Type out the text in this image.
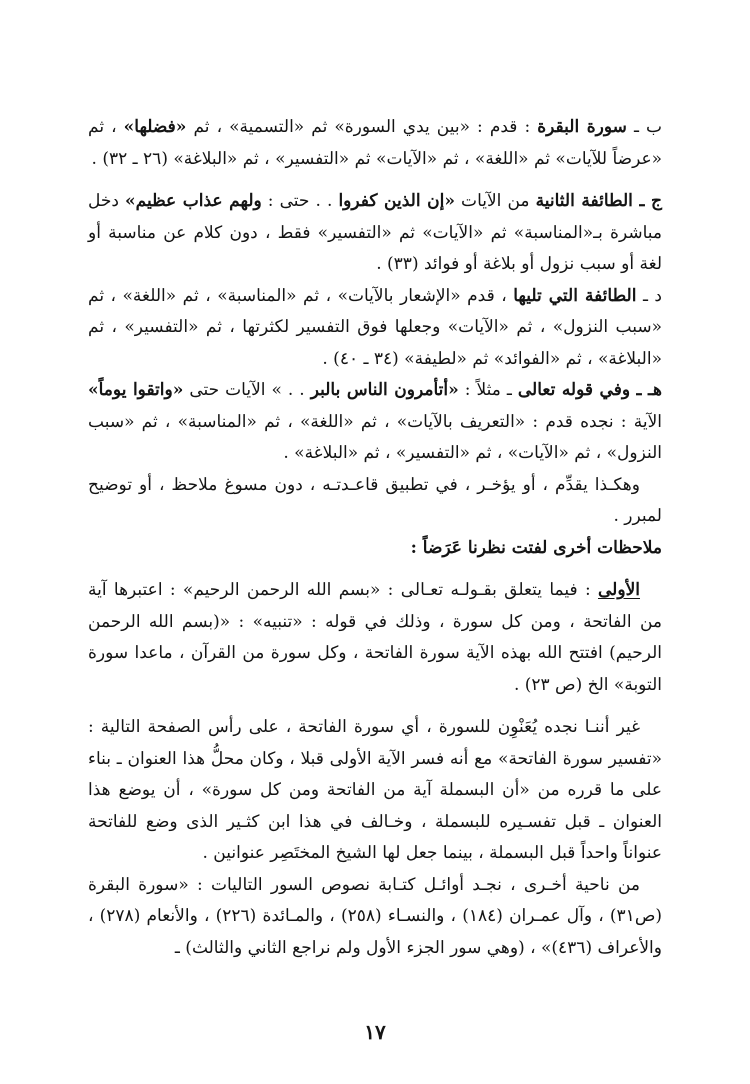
ب ـ سورة البقرة : قدم : «بين يدي السورة» ثم «التسمية» ، ثم «فضلها» ، ثم «عرضاً للآيات» ثم «اللغة» ، ثم «الآيات» ثم «التفسير» ، ثم «البلاغة» (٢٦ ـ ٣٢) .

ج ـ الطائفة الثانية من الآيات «إن الذين كفروا . . حتى : ولهم عذاب عظيم» دخل مباشرة بـ«المناسبة» ثم «الآيات» ثم «التفسير» فقط ، دون كلام عن مناسبة أو لغة أو سبب نزول أو بلاغة أو فوائد (٣٣) .

د ـ الطائفة التي تليها ، قدم «الإشعار بالآيات» ، ثم «المناسبة» ، ثم «اللغة» ، ثم «سبب النزول» ، ثم «الآيات» وجعلها فوق التفسير لكثرتها ، ثم «التفسير» ، ثم «البلاغة» ، ثم «الفوائد» ثم «لطيفة» (٣٤ ـ ٤٠) .

هـ ـ وفي قوله تعالى ـ مثلاً : «أتأمرون الناس بالبر . . » الآيات حتى «واتقوا يوماً» الآية : نجده قدم : «التعريف بالآيات» ، ثم «اللغة» ، ثم «المناسبة» ، ثم «سبب النزول» ، ثم «الآيات» ، ثم «التفسير» ، ثم «البلاغة» .

وهكـذا يقدِّم ، أو يؤخـر ، في تطبيق قاعـدتـه ، دون مسوغ ملاحظ ، أو توضيح لمبرر .

ملاحظات أخرى لفتت نظرنا عَرَضاً :

الأولى : فيما يتعلق بقـولـه تعـالى : «بسم الله الرحمن الرحيم» : اعتبرها آية من الفاتحة ، ومن كل سورة ، وذلك في قوله : «تنبيه» : «(بسم الله الرحمن الرحيم) افتتح الله بهذه الآية سورة الفاتحة ، وكل سورة من القرآن ، ماعدا سورة التوبة» الخ (ص ٢٣) .

غير أننـا نجده يُعَنْوِن للسورة ، أي سورة الفاتحة ، على رأس الصفحة التالية : «تفسير سورة الفاتحة» مع أنه فسر الآية الأولى قبلا ، وكان محلُّ هذا العنوان ـ بناء على ما قرره من «أن البسملة آية من الفاتحة ومن كل سورة» ، أن يوضع هذا العنوان ـ قبل تفسـيره للبسملة ، وخـالف في هذا ابن كثـير الذى وضع للفاتحة عنواناً واحداً قبل البسملة ، بينما جعل لها الشيخ المختَصِر عنوانين .

من ناحية أخـرى ، نجـد أوائـل كتـابة نصوص السور التاليات : «سورة البقرة (ص٣١) ، وآل عمـران (١٨٤) ، والنسـاء (٢٥٨) ، والمـائدة (٢٢٦) ، والأنعام (٢٧٨) ، والأعراف (٤٣٦)» ، (وهي سور الجزء الأول ولم نراجع الثاني والثالث) ـ

١٧
